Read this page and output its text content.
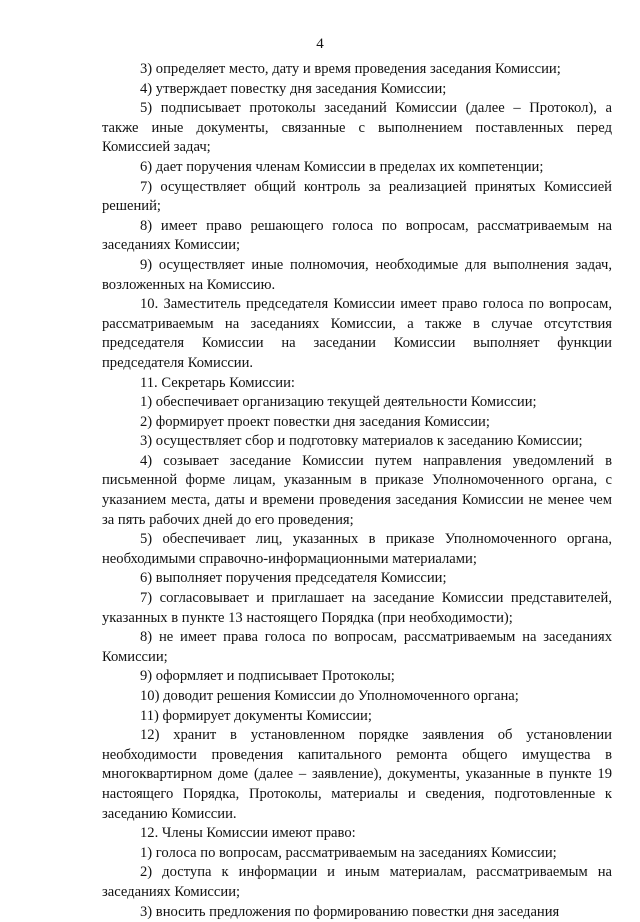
4

3) определяет место, дату и время проведения заседания Комиссии;

4) утверждает повестку дня заседания Комиссии;

5) подписывает протоколы заседаний Комиссии (далее – Протокол), а также иные документы, связанные с выполнением поставленных перед Комиссией задач;

6) дает поручения членам Комиссии в пределах их компетенции;

7) осуществляет общий контроль за реализацией принятых Комиссией решений;

8) имеет право решающего голоса по вопросам, рассматриваемым на заседаниях Комиссии;

9) осуществляет иные полномочия, необходимые для выполнения задач, возложенных на Комиссию.

10. Заместитель председателя Комиссии имеет право голоса по вопросам, рассматриваемым на заседаниях Комиссии, а также в случае отсутствия председателя Комиссии на заседании Комиссии выполняет функции председателя Комиссии.

11. Секретарь Комиссии:

1) обеспечивает организацию текущей деятельности Комиссии;

2) формирует проект повестки дня заседания Комиссии;

3) осуществляет сбор и подготовку материалов к заседанию Комиссии;

4) созывает заседание Комиссии путем направления уведомлений в письменной форме лицам, указанным в приказе Уполномоченного органа, с указанием места, даты и времени проведения заседания Комиссии не менее чем за пять рабочих дней до его проведения;

5) обеспечивает лиц, указанных в приказе Уполномоченного органа, необходимыми справочно-информационными материалами;

6) выполняет поручения председателя Комиссии;

7) согласовывает и приглашает на заседание Комиссии представителей, указанных в пункте 13 настоящего Порядка (при необходимости);

8) не имеет права голоса по вопросам, рассматриваемым на заседаниях Комиссии;

9) оформляет и подписывает Протоколы;

10) доводит решения Комиссии до Уполномоченного органа;

11) формирует документы Комиссии;

12) хранит в установленном порядке заявления об установлении необходимости проведения капитального ремонта общего имущества в многоквартирном доме (далее – заявление), документы, указанные в пункте 19 настоящего Порядка, Протоколы, материалы и сведения, подготовленные к заседанию Комиссии.

12. Члены Комиссии имеют право:

1) голоса по вопросам, рассматриваемым на заседаниях Комиссии;

2) доступа к информации и иным материалам, рассматриваемым на заседаниях Комиссии;

3) вносить предложения по формированию повестки дня заседания
